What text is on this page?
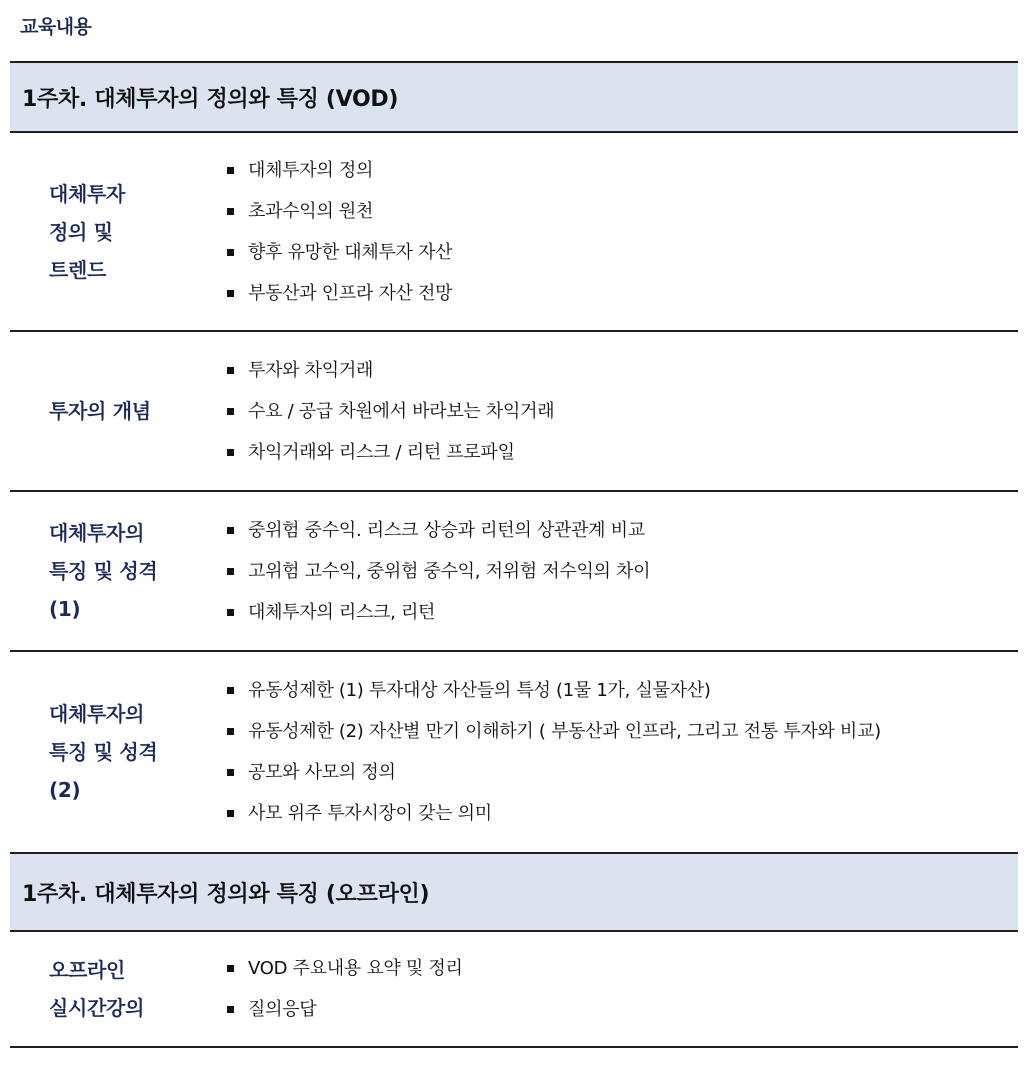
교육내용
1주차. 대체투자의 정의와 특징 (VOD)
대체투자
정의 및
트렌드
대체투자의 정의
초과수익의 원천
향후 유망한 대체투자 자산
부동산과 인프라 자산 전망
투자의 개념
투자와 차익거래
수요 / 공급 차원에서 바라보는 차익거래
차익거래와 리스크 / 리턴 프로파일
대체투자의
특징 및 성격
(1)
중위험 중수익. 리스크 상승과 리턴의 상관관계 비교
고위험 고수익, 중위험 중수익, 저위험 저수익의 차이
대체투자의 리스크, 리턴
대체투자의
특징 및 성격
(2)
유동성제한 (1) 투자대상 자산들의 특성 (1물 1가, 실물자산)
유동성제한 (2) 자산별 만기 이해하기 ( 부동산과 인프라, 그리고 전통 투자와 비교)
공모와 사모의 정의
사모 위주 투자시장이 갖는 의미
1주차. 대체투자의 정의와 특징 (오프라인)
오프라인
실시간강의
VOD 주요내용 요약 및 정리
질의응답
